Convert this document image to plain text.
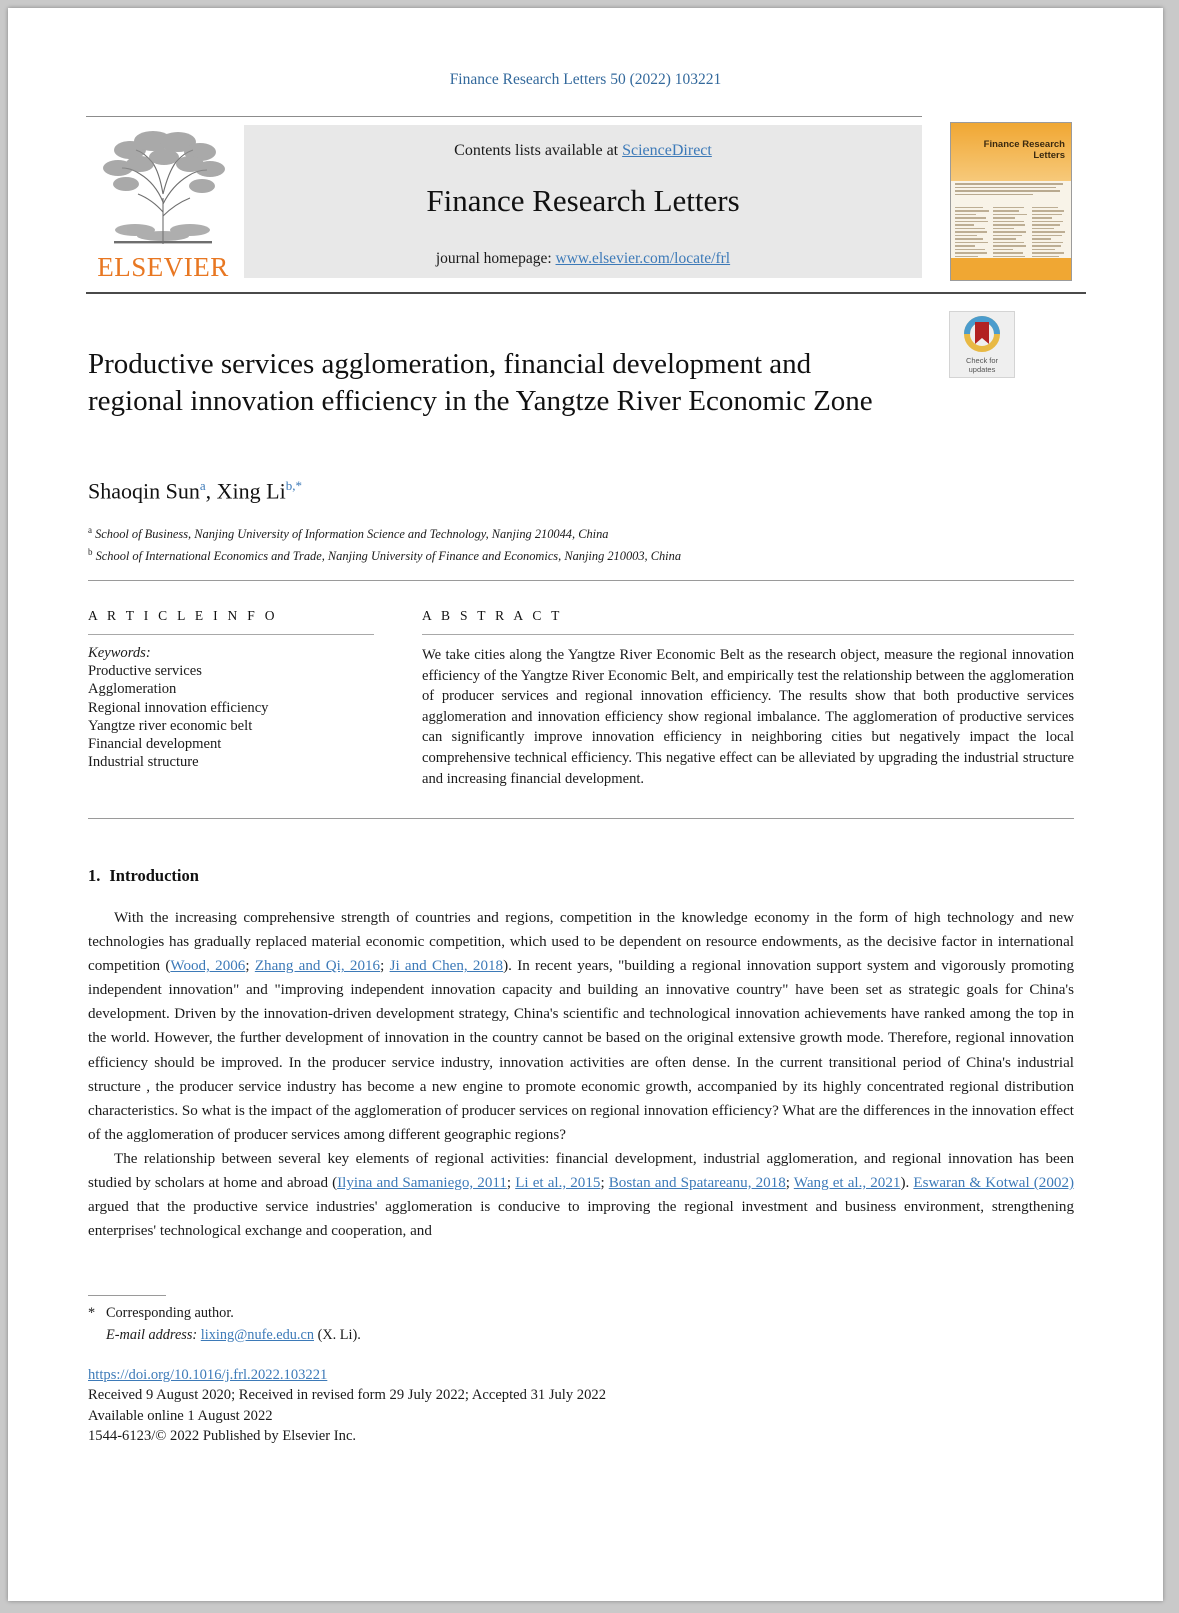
Finance Research Letters 50 (2022) 103221
ELSEVIER
Contents lists available at ScienceDirect
Finance Research Letters
journal homepage: www.elsevier.com/locate/frl
Finance Research Letters
Check for
updates
Productive services agglomeration, financial development and regional innovation efficiency in the Yangtze River Economic Zone
Shaoqin Sun$^a$, Xing $Li^{b,*}$
$^a$ School of Business, Nanjing University of Information Science and Technology, Nanjing 210044, China
$^b$ School of International Economics and Trade, Nanjing University of Finance and Economics, Nanjing 210003, China
A R T I C L E I N F O
Keywords:
Productive services
Agglomeration
Regional innovation efficiency
Yangtze river economic belt
Financial development
Industrial structure
A B S T R A C T
We take cities along the Yangtze River Economic Belt as the research object, measure the regional innovation efficiency of the Yangtze River Economic Belt, and empirically test the relationship between the agglomeration of producer services and regional innovation efficiency. The results show that both productive services agglomeration and innovation efficiency show regional imbalance. The agglomeration of productive services can significantly improve innovation efficiency in neighboring cities but negatively impact the local comprehensive technical efficiency. This negative effect can be alleviated by upgrading the industrial structure and increasing financial development.
1. Introduction

With the increasing comprehensive strength of countries and regions, competition in the knowledge economy in the form of high technology and new technologies has gradually replaced material economic competition, which used to be dependent on resource endowments, as the decisive factor in international competition (Wood, 2006; Zhang and Qi, 2016; Ji and Chen, 2018). In recent years, "building a regional innovation support system and vigorously promoting independent innovation" and "improving independent innovation capacity and building an innovative country" have been set as strategic goals for China's development. Driven by the innovation-driven development strategy, China's scientific and technological innovation achievements have ranked among the top in the world. However, the further development of innovation in the country cannot be based on the original extensive growth mode. Therefore, regional innovation efficiency should be improved. In the producer service industry, innovation activities are often dense. In the current transitional period of China's industrial structure , the producer service industry has become a new engine to promote economic growth, accompanied by its highly concentrated regional distribution characteristics. So what is the impact of the agglomeration of producer services on regional innovation efficiency? What are the differences in the innovation effect of the agglomeration of producer services among different geographic regions?

The relationship between several key elements of regional activities: financial development, industrial agglomeration, and regional innovation has been studied by scholars at home and abroad (Ilyina and Samaniego, 2011; Li et al., 2015; Bostan and Spatareanu, 2018; Wang et al., 2021). Eswaran & Kotwal (2002) argued that the productive service industries' agglomeration is conducive to improving the regional investment and business environment, strengthening enterprises' technological exchange and cooperation, and

* Corresponding author.
E-mail address: lixing@nufe.edu.cn (X. Li).
https://doi.org/10.1016/j.frl.2022.103221
Received 9 August 2020; Received in revised form 29 July 2022; Accepted 31 July 2022
Available online 1 August 2022
1544-6123/© 2022 Published by Elsevier Inc.
